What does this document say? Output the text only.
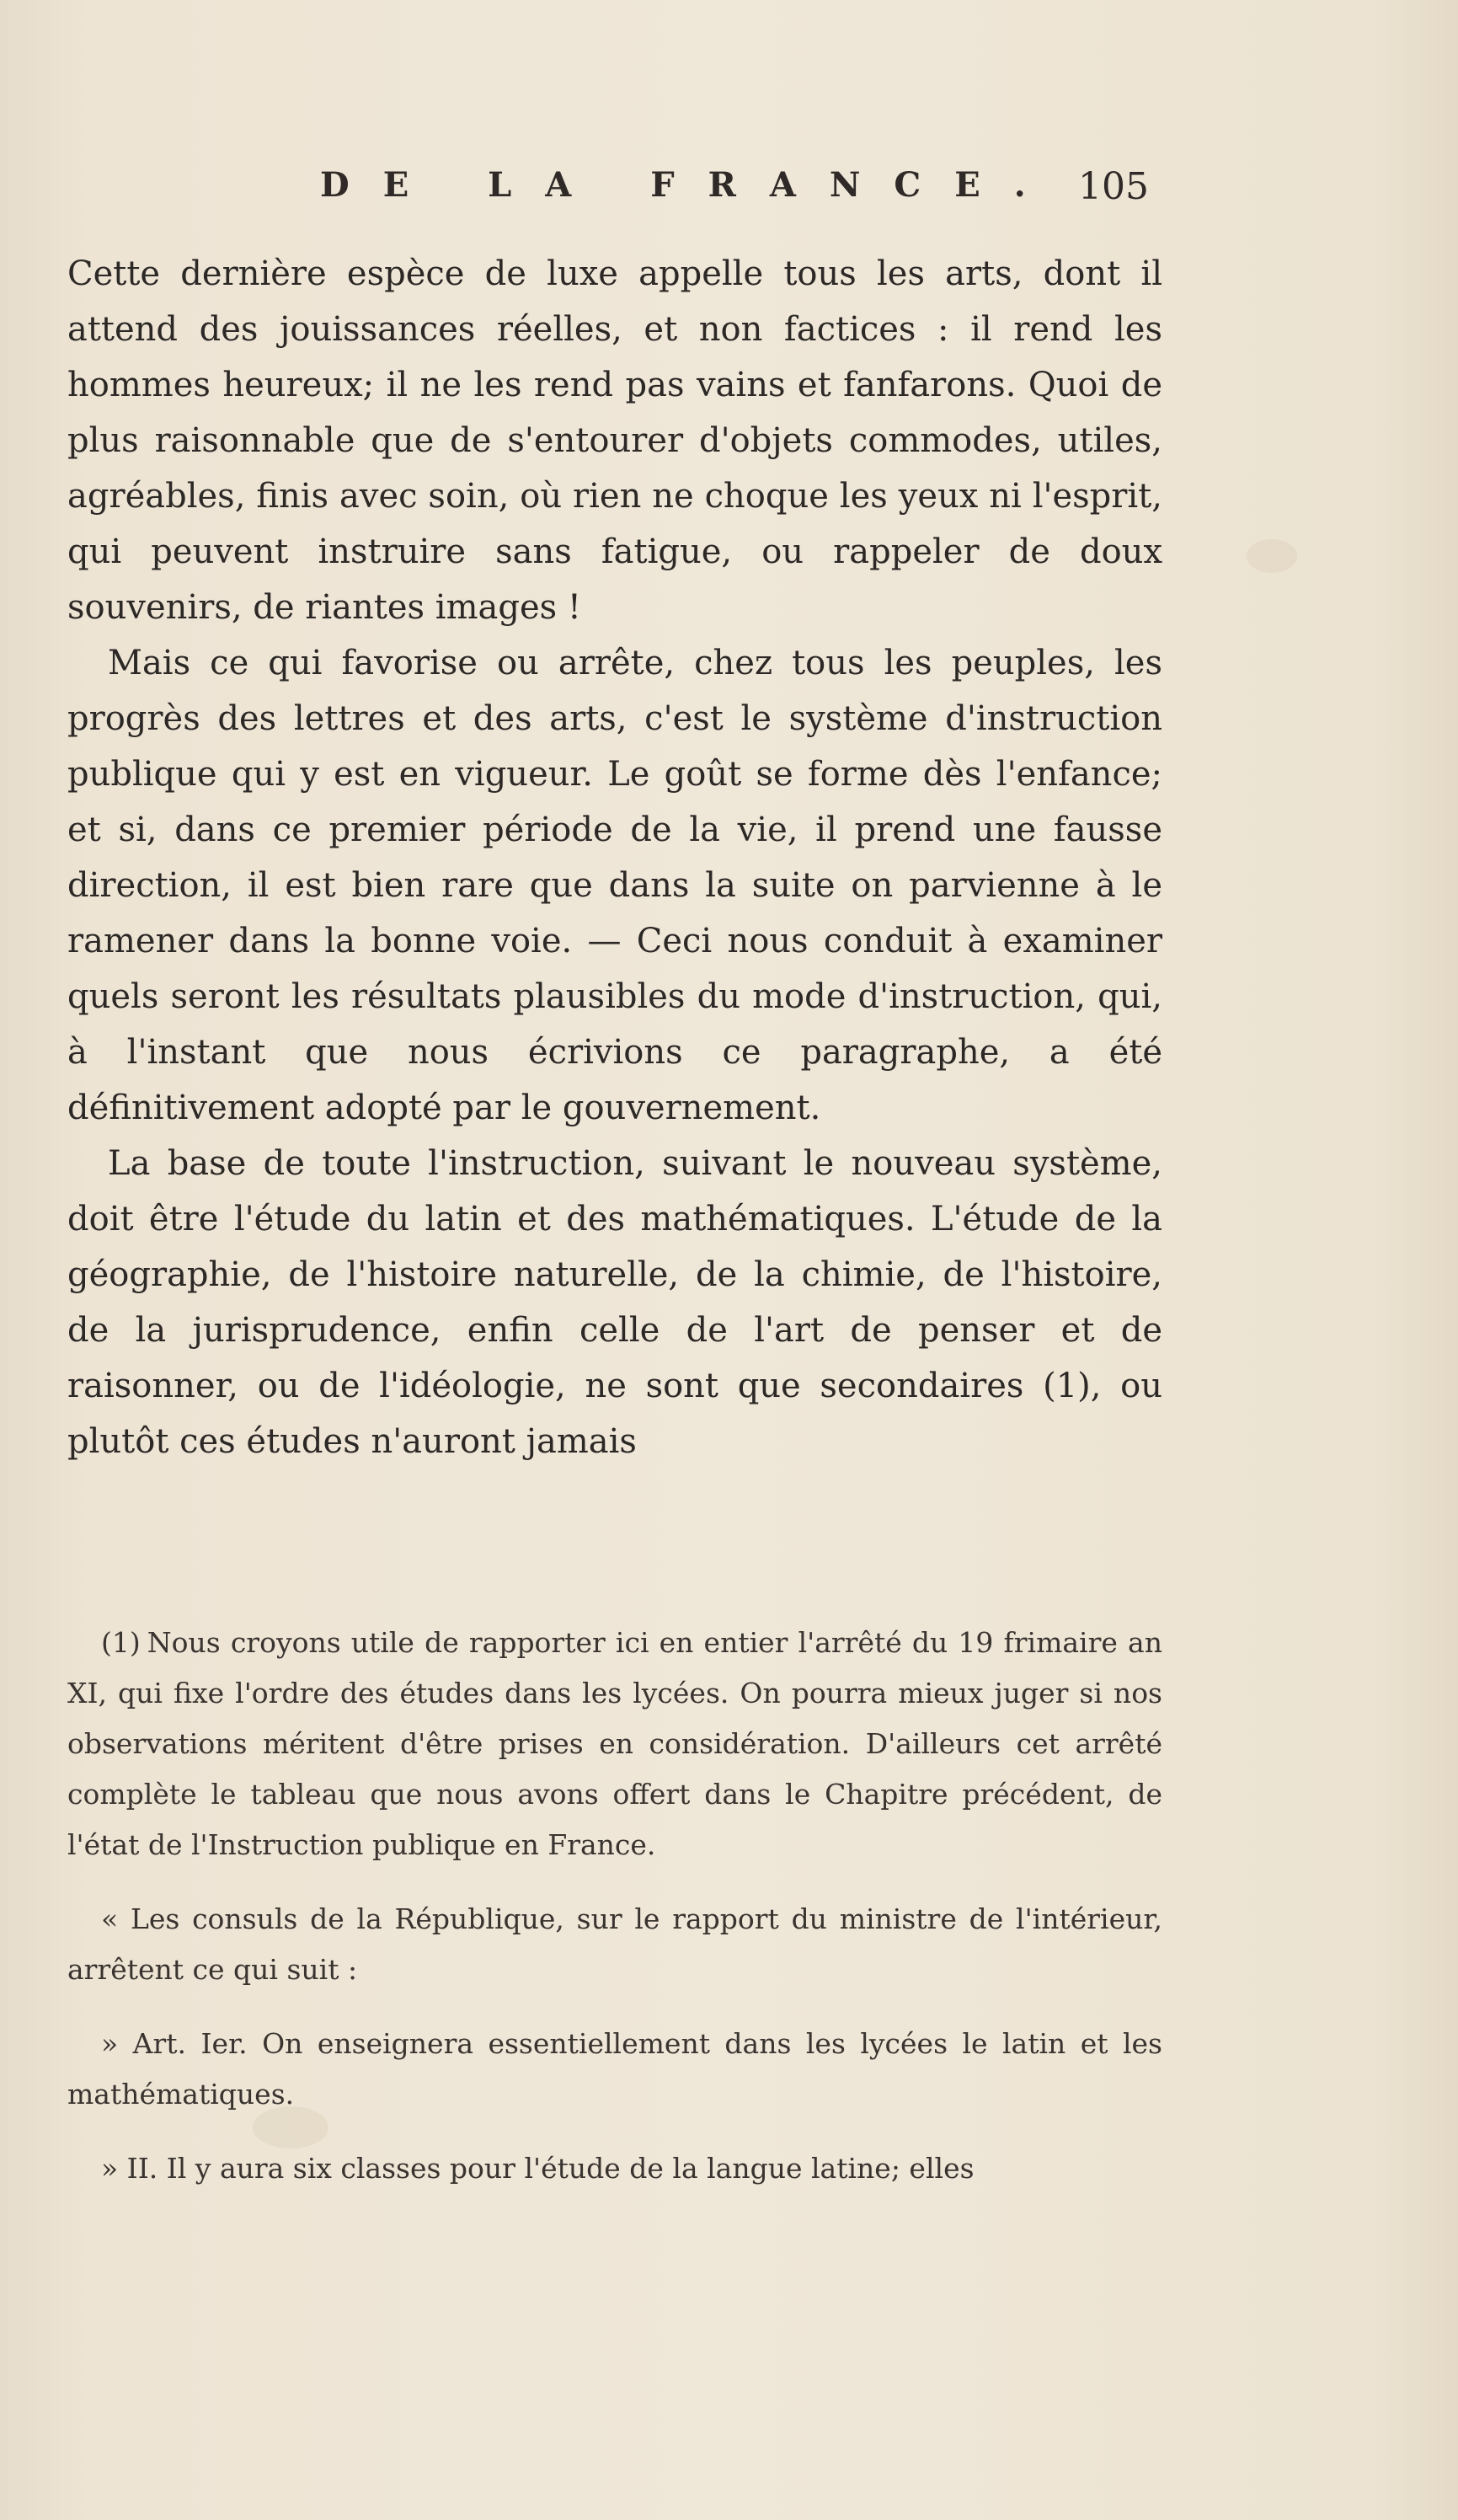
DE LA FRANCE. 105

Cette dernière espèce de luxe appelle tous les arts, dont il attend des jouissances réelles, et non factices : il rend les hommes heureux; il ne les rend pas vains et fanfarons. Quoi de plus raisonnable que de s'entourer d'objets commodes, utiles, agréables, finis avec soin, où rien ne choque les yeux ni l'esprit, qui peuvent instruire sans fatigue, ou rappeler de doux souvenirs, de riantes images !

Mais ce qui favorise ou arrête, chez tous les peuples, les progrès des lettres et des arts, c'est le système d'instruction publique qui y est en vigueur. Le goût se forme dès l'enfance; et si, dans ce premier période de la vie, il prend une fausse direction, il est bien rare que dans la suite on parvienne à le ramener dans la bonne voie. — Ceci nous conduit à examiner quels seront les résultats plausibles du mode d'instruction, qui, à l'instant que nous écrivions ce paragraphe, a été définitivement adopté par le gouvernement.

La base de toute l'instruction, suivant le nouveau système, doit être l'étude du latin et des mathématiques. L'étude de la géographie, de l'histoire naturelle, de la chimie, de l'histoire, de la jurisprudence, enfin celle de l'art de penser et de raisonner, ou de l'idéologie, ne sont que secondaires (1), ou plutôt ces études n'auront jamais

(1) Nous croyons utile de rapporter ici en entier l'arrêté du 19 frimaire an XI, qui fixe l'ordre des études dans les lycées. On pourra mieux juger si nos observations méritent d'être prises en considération. D'ailleurs cet arrêté complète le tableau que nous avons offert dans le Chapitre précédent, de l'état de l'Instruction publique en France.

« Les consuls de la République, sur le rapport du ministre de l'intérieur, arrêtent ce qui suit :

» Art. Ier. On enseignera essentiellement dans les lycées le latin et les mathématiques.

» II. Il y aura six classes pour l'étude de la langue latine; elles
